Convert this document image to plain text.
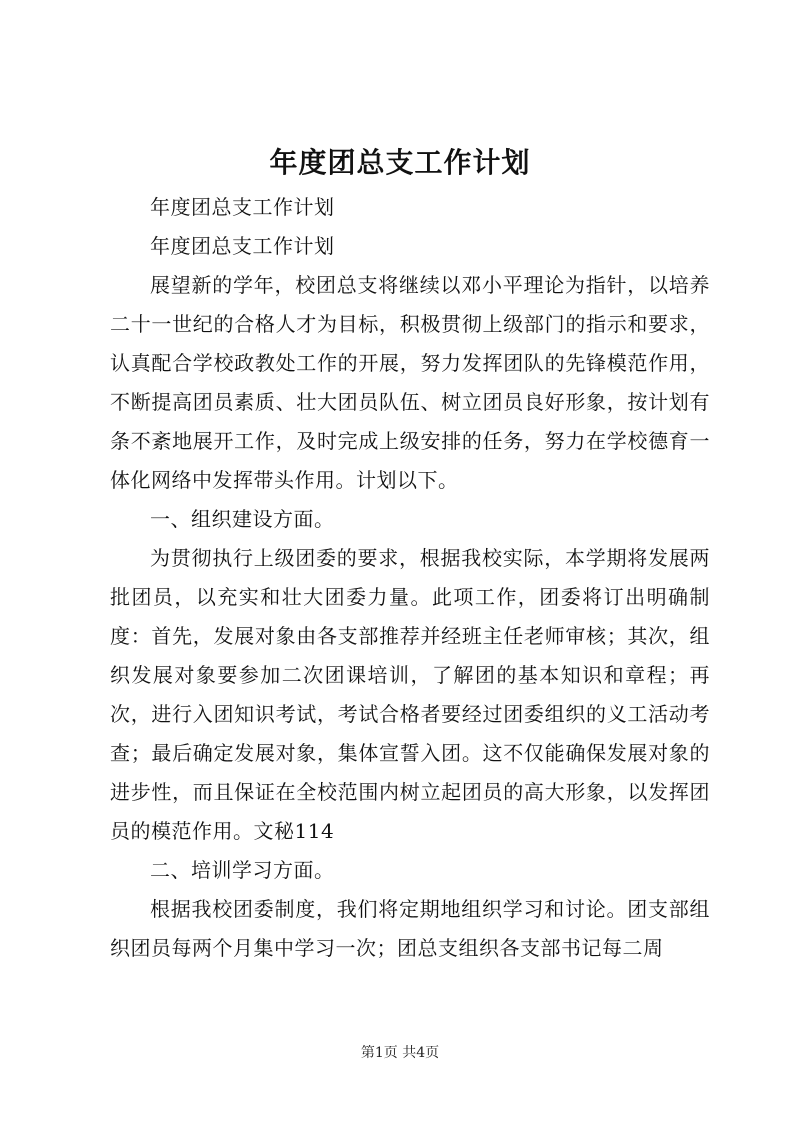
年度团总支工作计划

年度团总支工作计划

年度团总支工作计划

展望新的学年，校团总支将继续以邓小平理论为指针，以培养二十一世纪的合格人才为目标，积极贯彻上级部门的指示和要求，认真配合学校政教处工作的开展，努力发挥团队的先锋模范作用，不断提高团员素质、壮大团员队伍、树立团员良好形象，按计划有条不紊地展开工作，及时完成上级安排的任务，努力在学校德育一体化网络中发挥带头作用。计划以下。

一、组织建设方面。

为贯彻执行上级团委的要求，根据我校实际，本学期将发展两批团员，以充实和壮大团委力量。此项工作，团委将订出明确制度：首先，发展对象由各支部推荐并经班主任老师审核；其次，组织发展对象要参加二次团课培训，了解团的基本知识和章程；再次，进行入团知识考试，考试合格者要经过团委组织的义工活动考查；最后确定发展对象，集体宣誓入团。这不仅能确保发展对象的进步性，而且保证在全校范围内树立起团员的高大形象，以发挥团员的模范作用。文秘114

二、培训学习方面。

根据我校团委制度，我们将定期地组织学习和讨论。团支部组织团员每两个月集中学习一次；团总支组织各支部书记每二周

第1页 共4页
